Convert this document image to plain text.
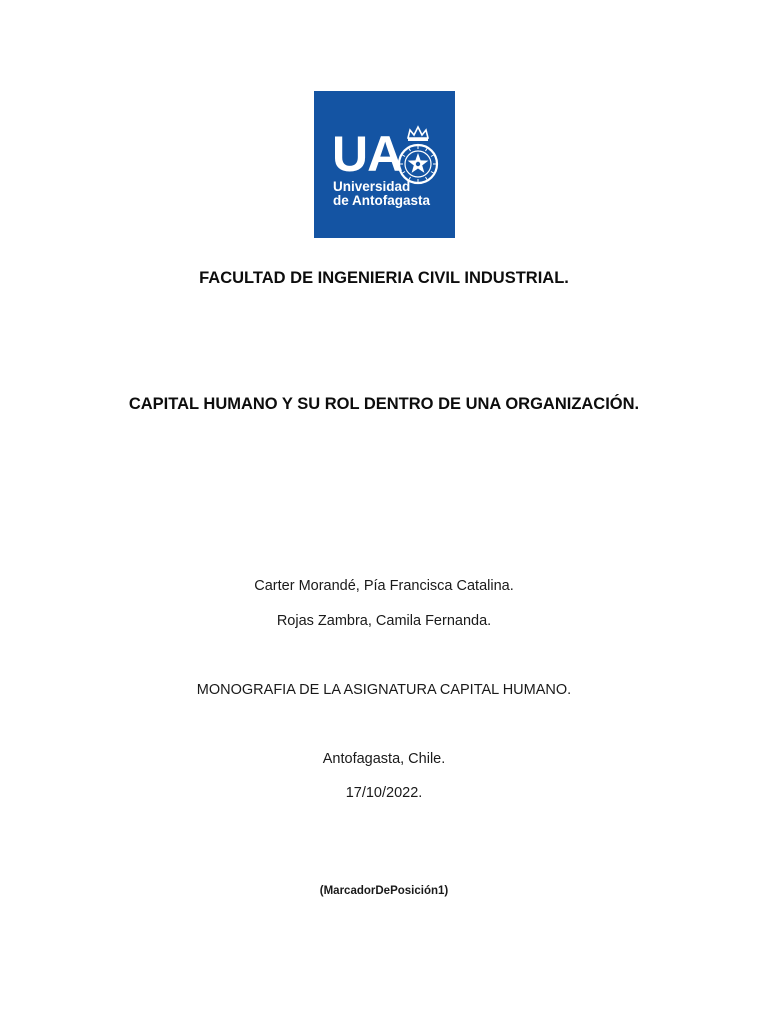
UA
Universidad
de Antofagasta
FACULTAD DE INGENIERIA CIVIL INDUSTRIAL.
CAPITAL HUMANO Y SU ROL DENTRO DE UNA ORGANIZACIÓN.
Carter Morandé, Pía Francisca Catalina.
Rojas Zambra, Camila Fernanda.
MONOGRAFIA DE LA ASIGNATURA CAPITAL HUMANO.
Antofagasta, Chile.
17/10/2022.
(MarcadorDePosición1)
